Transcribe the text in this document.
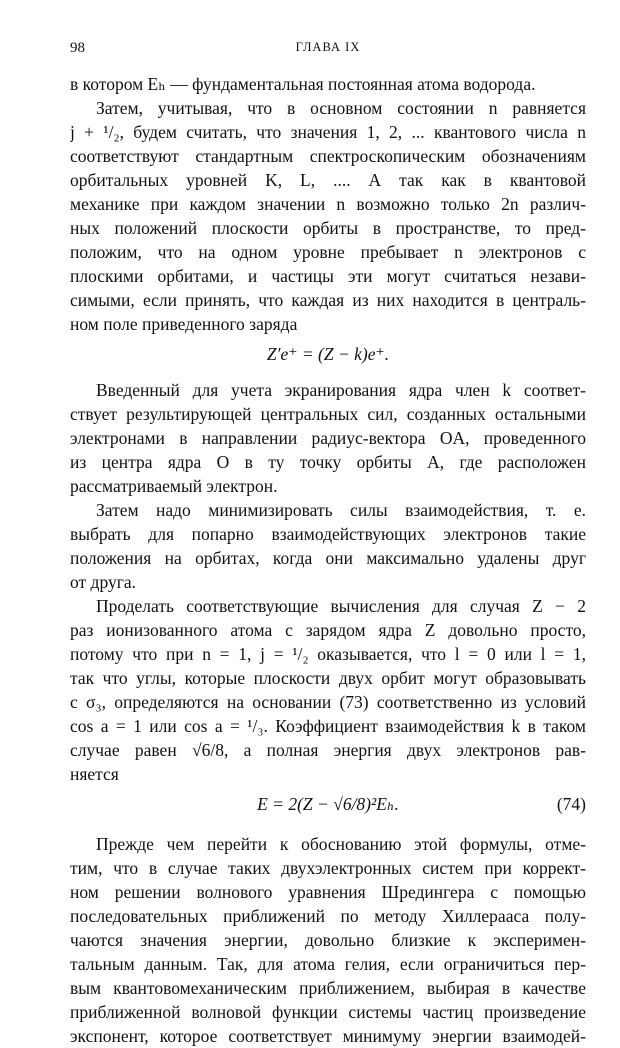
98	ГЛАВА IX
в котором Eₕ — фундаментальная постоянная атома водорода.
Затем, учитывая, что в основном состоянии n равняется
j + ¹/₂, будем считать, что значения 1, 2, ... квантового числа n
соответствуют стандартным спектроскопическим обозначениям
орбитальных уровней K, L, .... А так как в квантовой
механике при каждом значении n возможно только 2n различ-
ных положений плоскости орбиты в пространстве, то пред-
положим, что на одном уровне пребывает n электронов с
плоскими орбитами, и частицы эти могут считаться незави-
симыми, если принять, что каждая из них находится в централь-
ном поле приведенного заряда
Z′e⁺ = (Z − k)e⁺.
Введенный для учета экранирования ядра член k соответ-
ствует результирующей центральных сил, созданных остальными
электронами в направлении радиус-вектора OA, проведенного
из центра ядра O в ту точку орбиты A, где расположен
рассматриваемый электрон.
Затем надо минимизировать силы взаимодействия, т. е.
выбрать для попарно взаимодействующих электронов такие
положения на орбитах, когда они максимально удалены друг
от друга.
Проделать соответствующие вычисления для случая Z − 2
раз ионизованного атома с зарядом ядра Z довольно просто,
потому что при n = 1, j = ¹/₂ оказывается, что l = 0 или l = 1,
так что углы, которые плоскости двух орбит могут образовывать
с σ₃, определяются на основании (73) соответственно из условий
cos a = 1 или cos a = ¹/₃. Коэффициент взаимодействия k в таком
случае равен √6/8, а полная энергия двух электронов рав-
няется
E = 2(Z − √6/8)²Eₕ.	(74)
Прежде чем перейти к обоснованию этой формулы, отме-
тим, что в случае таких двухэлектронных систем при коррект-
ном решении волнового уравнения Шредингера с помощью
последовательных приближений по методу Хиллерааса полу-
чаются значения энергии, довольно близкие к эксперимен-
тальным данным. Так, для атома гелия, если ограничиться пер-
вым квантовомеханическим приближением, выбирая в качестве
приближенной волновой функции системы частиц произведение
экспонент, которое соответствует минимуму энергии взаимодей-
